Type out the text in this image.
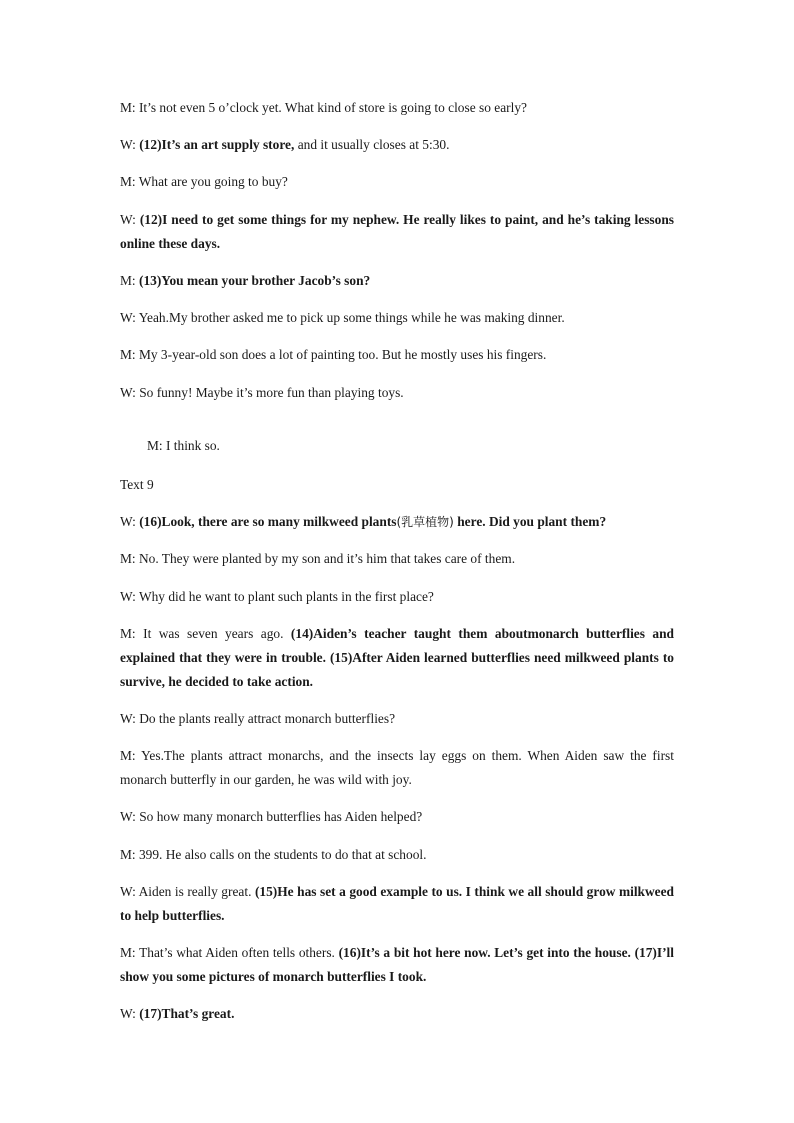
M: It’s not even 5 o’clock yet. What kind of store is going to close so early?

W: (12)It’s an art supply store, and it usually closes at 5:30.

M: What are you going to buy?

W: (12)I need to get some things for my nephew. He really likes to paint, and he’s taking lessons online these days.

M: (13)You mean your brother Jacob’s son?

W: Yeah.My brother asked me to pick up some things while he was making dinner.

M: My 3-year-old son does a lot of painting too. But he mostly uses his fingers.

W: So funny! Maybe it’s more fun than playing toys.

M: I think so.

Text 9

W: (16)Look, there are so many milkweed plants(乳草植物) here. Did you plant them?

M: No. They were planted by my son and it’s him that takes care of them.

W: Why did he want to plant such plants in the first place?

M: It was seven years ago. (14)Aiden’s teacher taught them aboutmonarch butterflies and explained that they were in trouble. (15)After Aiden learned butterflies need milkweed plants to survive, he decided to take action.

W: Do the plants really attract monarch butterflies?

M: Yes.The plants attract monarchs, and the insects lay eggs on them. When Aiden saw the first monarch butterfly in our garden, he was wild with joy.

W: So how many monarch butterflies has Aiden helped?

M: 399. He also calls on the students to do that at school.

W: Aiden is really great. (15)He has set a good example to us. I think we all should grow milkweed to help butterflies.

M: That’s what Aiden often tells others. (16)It’s a bit hot here now. Let’s get into the house. (17)I’ll show you some pictures of monarch butterflies I took.

W: (17)That’s great.
